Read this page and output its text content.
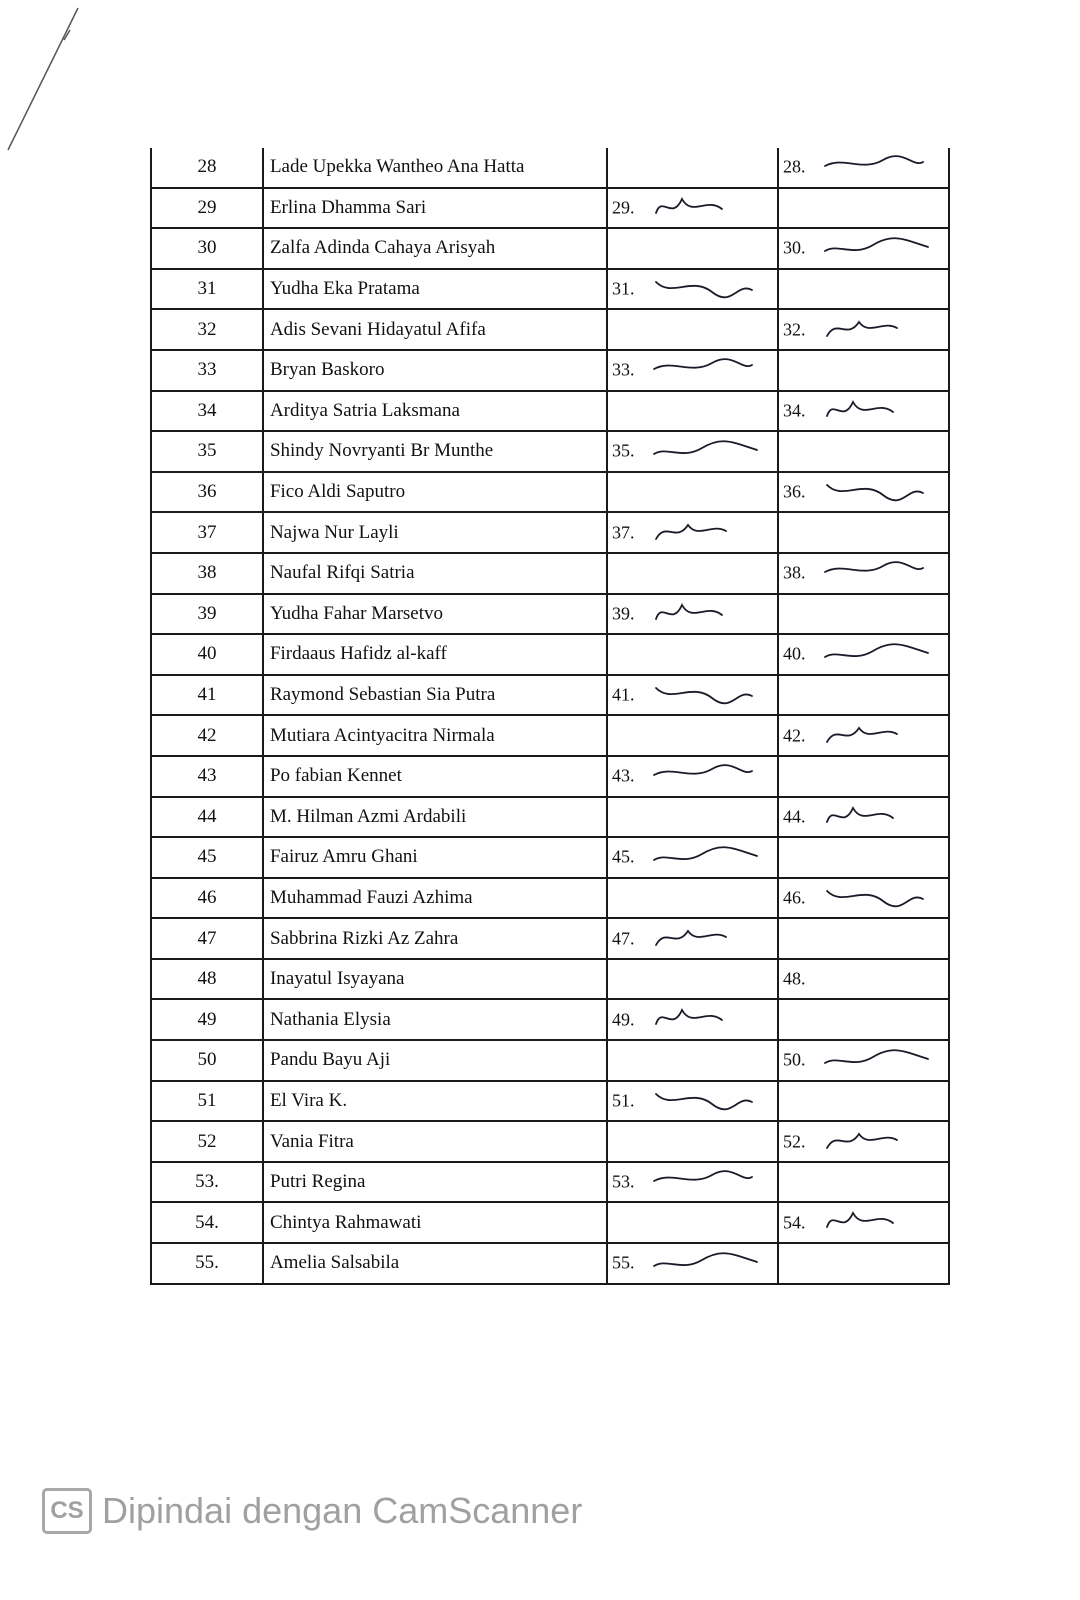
28	Lade Upekka Wantheo Ana Hatta		28.

29	Erlina Dhamma Sari	29.	

30	Zalfa Adinda Cahaya Arisyah		30.

31	Yudha Eka Pratama	31.	

32	Adis Sevani Hidayatul Afifa		32.

33	Bryan Baskoro	33.	

34	Arditya Satria Laksmana		34.

35	Shindy Novryanti Br Munthe	35.	

36	Fico Aldi Saputro		36.

37	Najwa Nur Layli	37.	

38	Naufal Rifqi Satria		38.

39	Yudha Fahar Marsetvo	39.	

40	Firdaaus Hafidz al-kaff		40.

41	Raymond Sebastian Sia Putra	41.	

42	Mutiara Acintyacitra Nirmala		42.

43	Po fabian Kennet	43.	

44	M. Hilman Azmi Ardabili		44.

45	Fairuz Amru Ghani	45.	

46	Muhammad Fauzi Azhima		46.

47	Sabbrina Rizki Az Zahra	47.	

48	Inayatul Isyayana		48.

49	Nathania Elysia	49.	

50	Pandu Bayu Aji		50.

51	El Vira K.	51.	

52	Vania Fitra		52.

53.	Putri Regina	53.	

54.	Chintya Rahmawati		54.

55.	Amelia Salsabila	55.	

CS Dipindai dengan CamScanner
